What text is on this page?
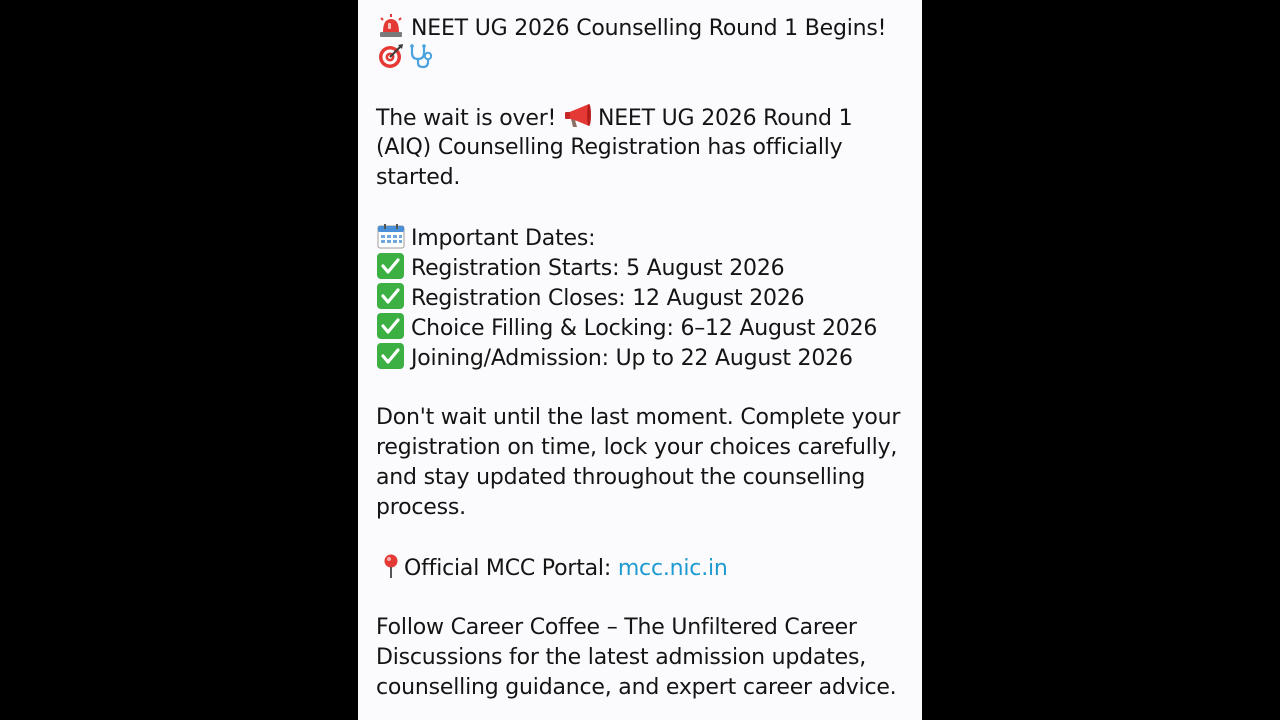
NEET UG 2026 Counselling Round 1 Begins!
The wait is over! NEET UG 2026 Round 1
(AIQ) Counselling Registration has officially
started.
Important Dates:
Registration Starts: 5 August 2026
Registration Closes: 12 August 2026
Choice Filling & Locking: 6–12 August 2026
Joining/Admission: Up to 22 August 2026
Don't wait until the last moment. Complete your
registration on time, lock your choices carefully,
and stay updated throughout the counselling
process.
Official MCC Portal: mcc.nic.in
Follow Career Coffee – The Unfiltered Career
Discussions for the latest admission updates,
counselling guidance, and expert career advice.
